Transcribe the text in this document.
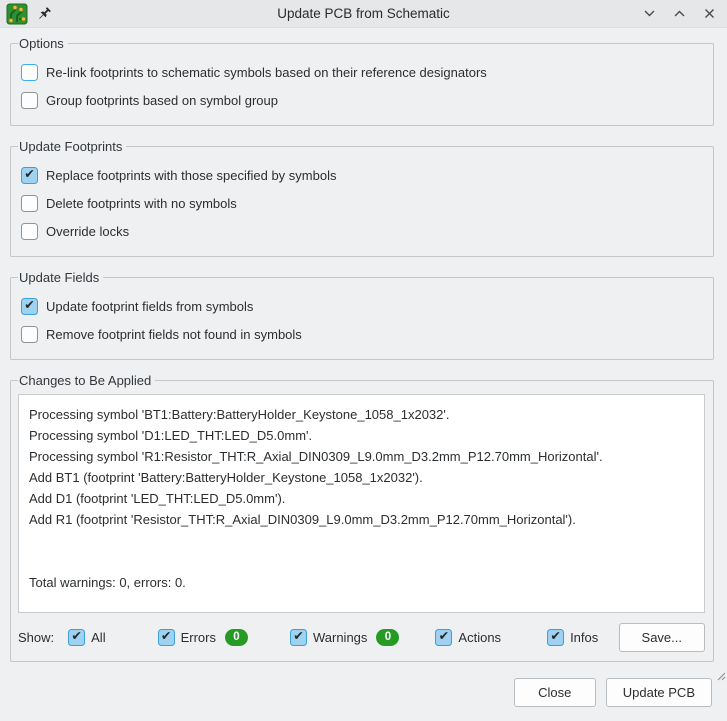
Update PCB from Schematic
Options
Re-link footprints to schematic symbols based on their reference designators
Group footprints based on symbol group
Update Footprints
✔
Replace footprints with those specified by symbols
Delete footprints with no symbols
Override locks
Update Fields
✔
Update footprint fields from symbols
Remove footprint fields not found in symbols
Changes to Be Applied
Processing symbol 'BT1:Battery:BatteryHolder_Keystone_1058_1x2032'.
Processing symbol 'D1:LED_THT:LED_D5.0mm'.
Processing symbol 'R1:Resistor_THT:R_Axial_DIN0309_L9.0mm_D3.2mm_P12.70mm_Horizontal'.
Add BT1 (footprint 'Battery:BatteryHolder_Keystone_1058_1x2032').
Add D1 (footprint 'LED_THT:LED_D5.0mm').
Add R1 (footprint 'Resistor_THT:R_Axial_DIN0309_L9.0mm_D3.2mm_P12.70mm_Horizontal').
Total warnings: 0, errors: 0.
Show: ✔	All ✔	Errors	0 ✔	Warnings	0 ✔	Actions ✔	Infos	Save...
Close	Update PCB
